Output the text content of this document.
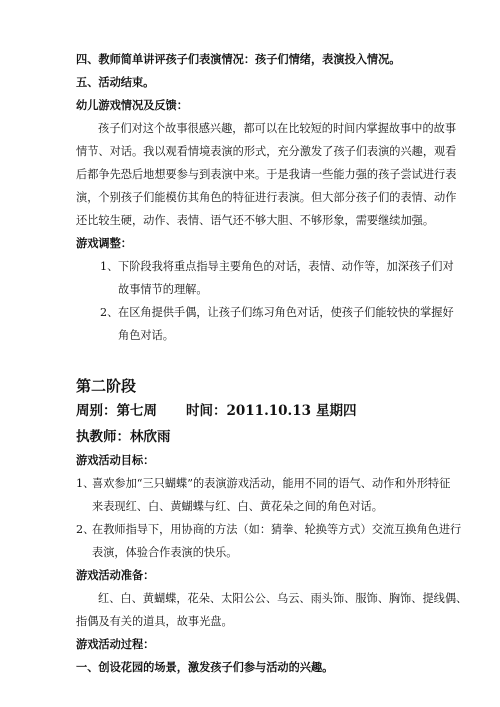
四、教师简单讲评孩子们表演情况：孩子们情绪，表演投入情况。
五、活动结束。
幼儿游戏情况及反馈：
孩子们对这个故事很感兴趣，都可以在比较短的时间内掌握故事中的故事
情节、对话。我以观看情境表演的形式，充分激发了孩子们表演的兴趣，观看
后都争先恐后地想要参与到表演中来。于是我请一些能力强的孩子尝试进行表
演，个别孩子们能模仿其角色的特征进行表演。但大部分孩子们的表情、动作
还比较生硬，动作、表情、语气还不够大胆、不够形象，需要继续加强。
游戏调整：
1、 下阶段我将重点指导主要角色的对话，表情、动作等，加深孩子们对
故事情节的理解。
2、 在区角提供手偶，让孩子们练习角色对话，使孩子们能较快的掌握好
角色对话。
第二阶段
周别：第七周 时间：2011.10.13 星期四
执教师：林欣雨
游戏活动目标：
1、
喜欢参加“三只蝴蝶”的表演游戏活动，能用不同的语气、动作和外形特征
来表现红、白、黄蝴蝶与红、白、黄花朵之间的角色对话。
2、
在教师指导下，用协商的方法（如：猜拳、轮换等方式）交流互换角色进行
表演，体验合作表演的快乐。
游戏活动准备：
红、白、黄蝴蝶，花朵、太阳公公、乌云、雨头饰、服饰、胸饰、提线偶、
指偶及有关的道具，故事光盘。
游戏活动过程：
一、创设花园的场景，激发孩子们参与活动的兴趣。
